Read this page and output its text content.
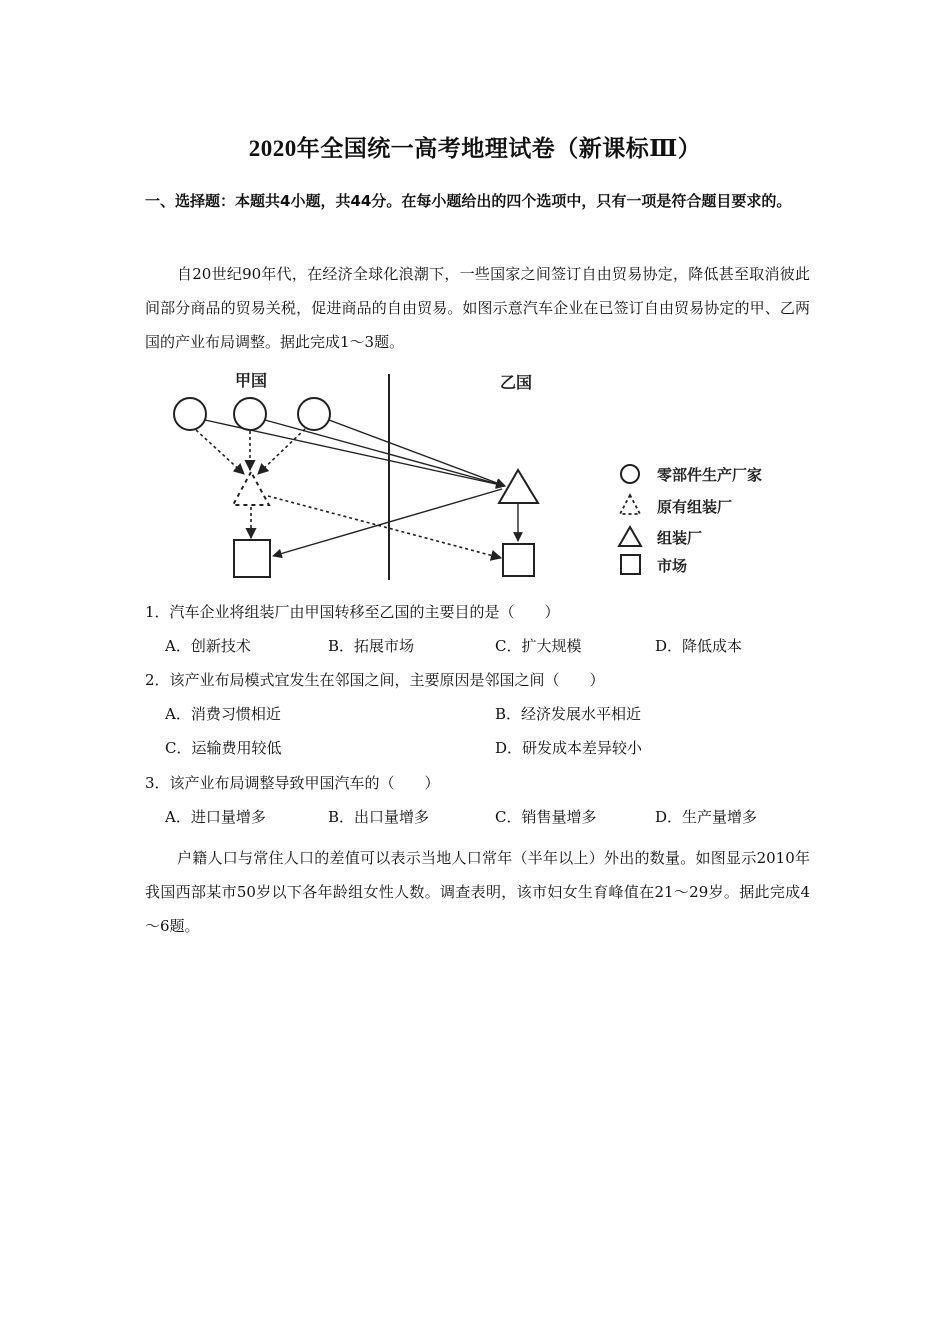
2020年全国统一高考地理试卷（新课标Ⅲ）
一、选择题：本题共4小题，共44分。在每小题给出的四个选项中，只有一项是符合题目要求的。
自20世纪90年代，在经济全球化浪潮下，一些国家之间签订自由贸易协定，降低甚至取消彼此间部分商品的贸易关税，促进商品的自由贸易。如图示意汽车企业在已签订自由贸易协定的甲、乙两国的产业布局调整。据此完成1～3题。
甲国	乙国
零部件生产厂家
原有组装厂
组装厂
市场
1．汽车企业将组装厂由甲国转移至乙国的主要目的是（　　）
A．创新技术	B．拓展市场	C．扩大规模	D．降低成本
2．该产业布局模式宜发生在邻国之间，主要原因是邻国之间（　　）
A．消费习惯相近	B．经济发展水平相近
C．运输费用较低	D．研发成本差异较小
3．该产业布局调整导致甲国汽车的（　　）
A．进口量增多	B．出口量增多	C．销售量增多	D．生产量增多
户籍人口与常住人口的差值可以表示当地人口常年（半年以上）外出的数量。如图显示2010年我国西部某市50岁以下各年龄组女性人数。调查表明，该市妇女生育峰值在21～29岁。据此完成4～6题。
